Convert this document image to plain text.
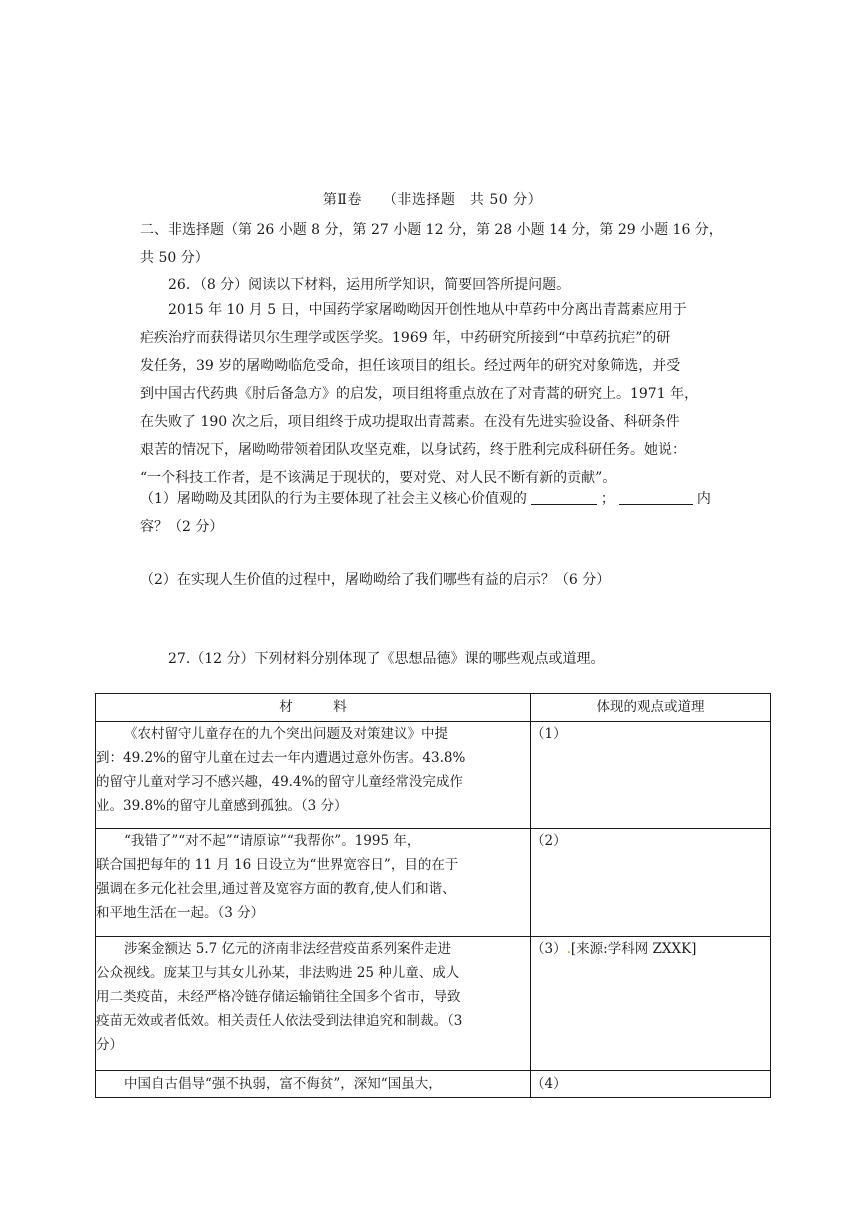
第Ⅱ卷 （非选择题　共 50 分）
二、非选择题（第 26 小题 8 分，第 27 小题 12 分，第 28 小题 14 分，第 29 小题 16 分，
共 50 分）
26．（8 分）阅读以下材料，运用所学知识，简要回答所提问题。
2015 年 10 月 5 日，中国药学家屠呦呦因开创性地从中草药中分离出青蒿素应用于
疟疾治疗而获得诺贝尔生理学或医学奖。1969 年，中药研究所接到“中草药抗疟”的研
发任务，39 岁的屠呦呦临危受命，担任该项目的组长。经过两年的研究对象筛选，并受
到中国古代药典《肘后备急方》的启发，项目组将重点放在了对青蒿的研究上。1971 年，
在失败了 190 次之后，项目组终于成功提取出青蒿素。在没有先进实验设备、科研条件
艰苦的情况下，屠呦呦带领着团队攻坚克难，以身试药，终于胜利完成科研任务。她说：
“一个科技工作者，是不该满足于现状的，要对党、对人民不断有新的贡献”。
（1）屠呦呦及其团队的行为主要体现了社会主义核心价值观的	；	内
容？（2 分）
（2）在实现人生价值的过程中，屠呦呦给了我们哪些有益的启示？（6 分）
27.（12 分）下列材料分别体现了《思想品德》课的哪些观点或道理。
材　　　料	体现的观点或道理

《农村留守儿童存在的九个突出问题及对策建议》中提
到：49.2%的留守儿童在过去一年内遭遇过意外伤害。43.8%
的留守儿童对学习不感兴趣，49.4%的留守儿童经常没完成作
业。39.8%的留守儿童感到孤独。（3 分）	（1）

“我错了”“对不起”“请原谅”“我帮你”。1995 年，
联合国把每年的 11 月 16 日设立为“世界宽容日”，目的在于
强调在多元化社会里,通过普及宽容方面的教育,使人们和谐、
和平地生活在一起。（3 分）	（2）

涉案金额达 5.7 亿元的济南非法经营疫苗系列案件走进
公众视线。庞某卫与其女儿孙某，非法购进 25 种儿童、成人
用二类疫苗，未经严格冷链存储运输销往全国多个省市，导致
疫苗无效或者低效。相关责任人依法受到法律追究和制裁。（3
分）	（3）.[来源:学科网 ZXXK]

中国自古倡导“强不执弱，富不侮贫”，深知“国虽大，	（4）
